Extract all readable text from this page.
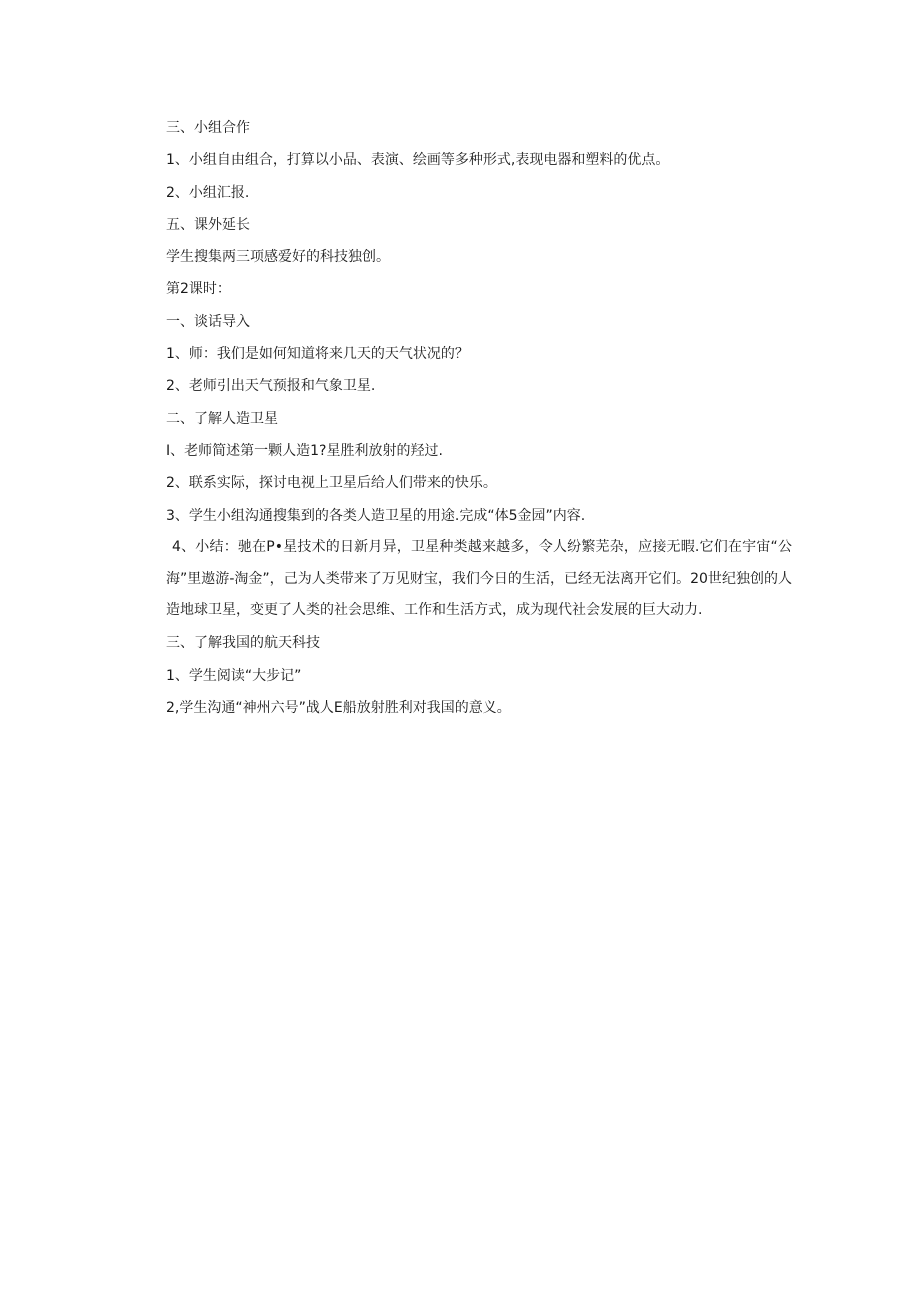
三、小组合作
1、小组自由组合，打算以小品、表演、绘画等多种形式,表现电器和塑料的优点。
2、小组汇报.
五、课外延长
学生搜集两三项感爱好的科技独创。
第2课时：
一、谈话导入
1、师：我们是如何知道将来几天的天气状况的？
2、老师引出天气预报和气象卫星.
二、了解人造卫星
I、老师简述第一颗人造1?星胜利放射的羟过.
2、联系实际，探讨电视上卫星后给人们带来的快乐。
3、学生小组沟通搜集到的各类人造卫星的用途.完成“体5金园”内容.
4、小结：驰在P•星技术的日新月异，卫星种类越来越多，令人纷繁芜杂，应接无暇.它们在宇宙“公海”里遨游-淘金”，己为人类带来了万见财宝，我们今日的生活，已经无法离开它们。20世纪独创的人造地球卫星，变更了人类的社会思维、工作和生活方式，成为现代社会发展的巨大动力.
三、了解我国的航天科技
1、学生阅读“大步记”
2,学生沟通“神州六号”战人E船放射胜利对我国的意义。
